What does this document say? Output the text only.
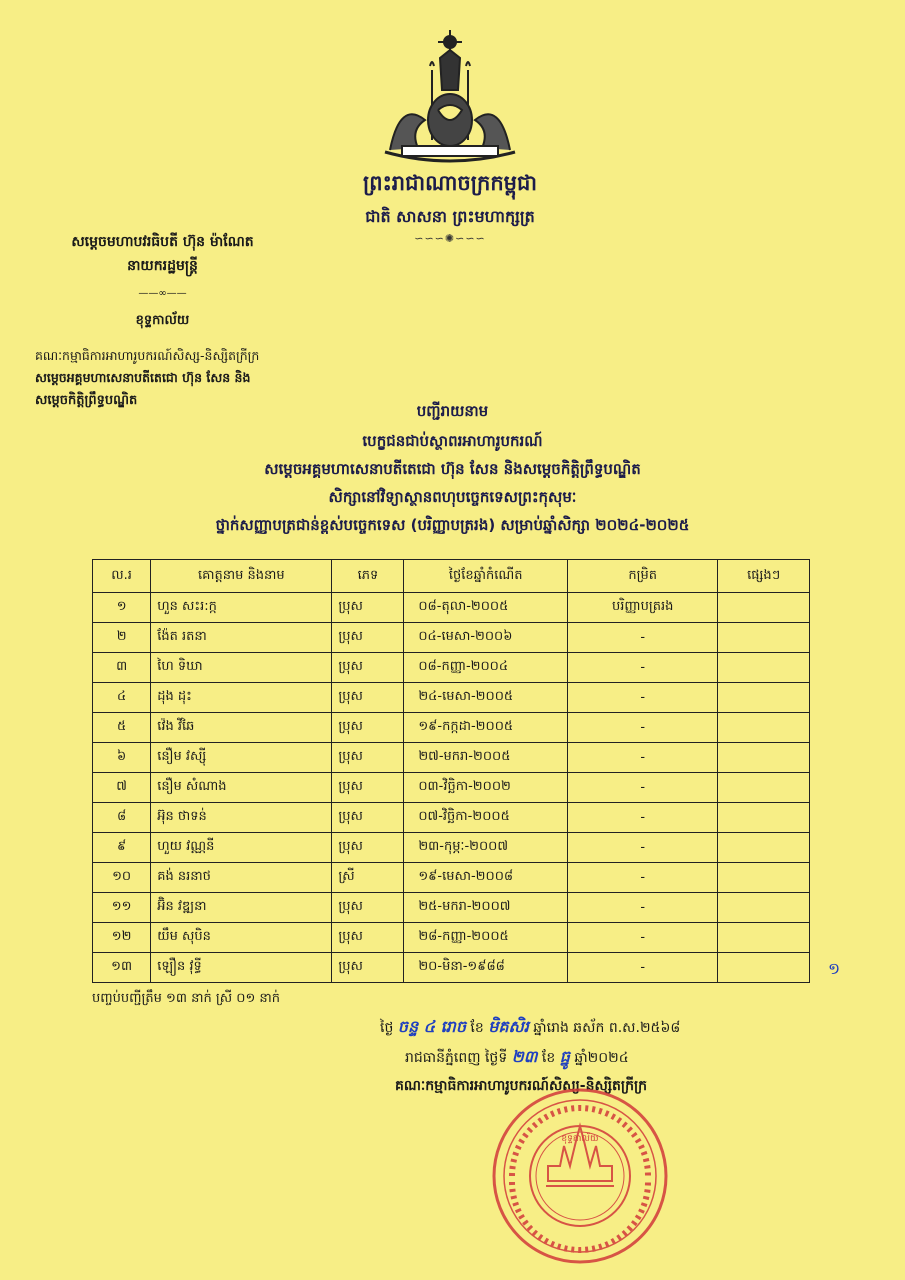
ព្រះរាជាណាចក្រកម្ពុជា
ជាតិ សាសនា ព្រះមហាក្សត្រ
∽∽∽✺∽∽∽
សម្ដេចមហាបវរធិបតី ហ៊ុន ម៉ាណែត
នាយករដ្ឋមន្ត្រី
——∞——
ខុទ្ទកាល័យ
គណៈកម្មាធិការអាហារូបករណ៍សិស្ស-និស្សិតក្រីក្រ
សម្ដេចអគ្គមហាសេនាបតីតេជោ ហ៊ុន សែន និង
សម្ដេចកិត្តិព្រឹទ្ធបណ្ឌិត
បញ្ជីរាយនាម
បេក្ខជនជាប់ស្ថាពរអាហារូបករណ៍
សម្ដេចអគ្គមហាសេនាបតីតេជោ ហ៊ុន សែន និងសម្ដេចកិត្តិព្រឹទ្ធបណ្ឌិត
សិក្សានៅវិទ្យាស្ថានពហុបច្ចេកទេសព្រះកុសុមៈ
ថ្នាក់សញ្ញាបត្រជាន់ខ្ពស់បច្ចេកទេស (បរិញ្ញាបត្ររង) សម្រាប់ឆ្នាំសិក្សា ២០២៤-២០២៥
ល.រ	គោត្តនាម និងនាម	ភេទ	ថ្ងៃខែឆ្នាំកំណើត	កម្រិត	ផ្សេងៗ
១	ហួន សះរ:ក្ក	ប្រុស	០៨-តុលា-២០០៥	បរិញ្ញាបត្ររង	
២	ង៉ែត រតនា	ប្រុស	០៤-មេសា-២០០៦	-	
៣	ហៃ ទិឃា	ប្រុស	០៨-កញ្ញា-២០០៤	-	
៤	ដុង ដុះ	ប្រុស	២៤-មេសា-២០០៥	-	
៥	វ៉េង វីឆៃ	ប្រុស	១៩-កក្កដា-២០០៥	-	
៦	នឿម វស្ស៊ី	ប្រុស	២៧-មករា-២០០៥	-	
៧	នឿម សំណាង	ប្រុស	០៣-វិច្ឆិកា-២០០២	-	
៨	អ៊ុន ថាទន់	ប្រុស	០៧-វិច្ឆិកា-២០០៥	-	
៩	ហួយ វណ្ណនី	ប្រុស	២៣-កុម្ភៈ-២០០៧	-	
១០	គង់ នរនាថ	ស្រី	១៩-មេសា-២០០៨	-	
១១	អ៊ិន វឌ្ឍនា	ប្រុស	២៥-មករា-២០០៧	-	
១២	យឹម សុបិន	ប្រុស	២៨-កញ្ញា-២០០៥	-	
១៣	ឡឿន វុទ្ធី	ប្រុស	២០-មិនា-១៩៨៨	-		១
បញ្ចប់បញ្ជីត្រឹម ១៣ នាក់ ស្រី ០១ នាក់
ថ្ងៃ ចន្ទ ៤ រោច ខែ មិគសិរ ឆ្នាំរោង ឆស័ក ព.ស.២៥៦៨
រាជធានីភ្នំពេញ ថ្ងៃទី ២៣ ខែ ធ្នូ ឆ្នាំ២០២៤
គណៈកម្មាធិការអាហារូបករណ៍សិស្ស-និស្សិតក្រីក្រ
ខុទ្ទកាល័យ
